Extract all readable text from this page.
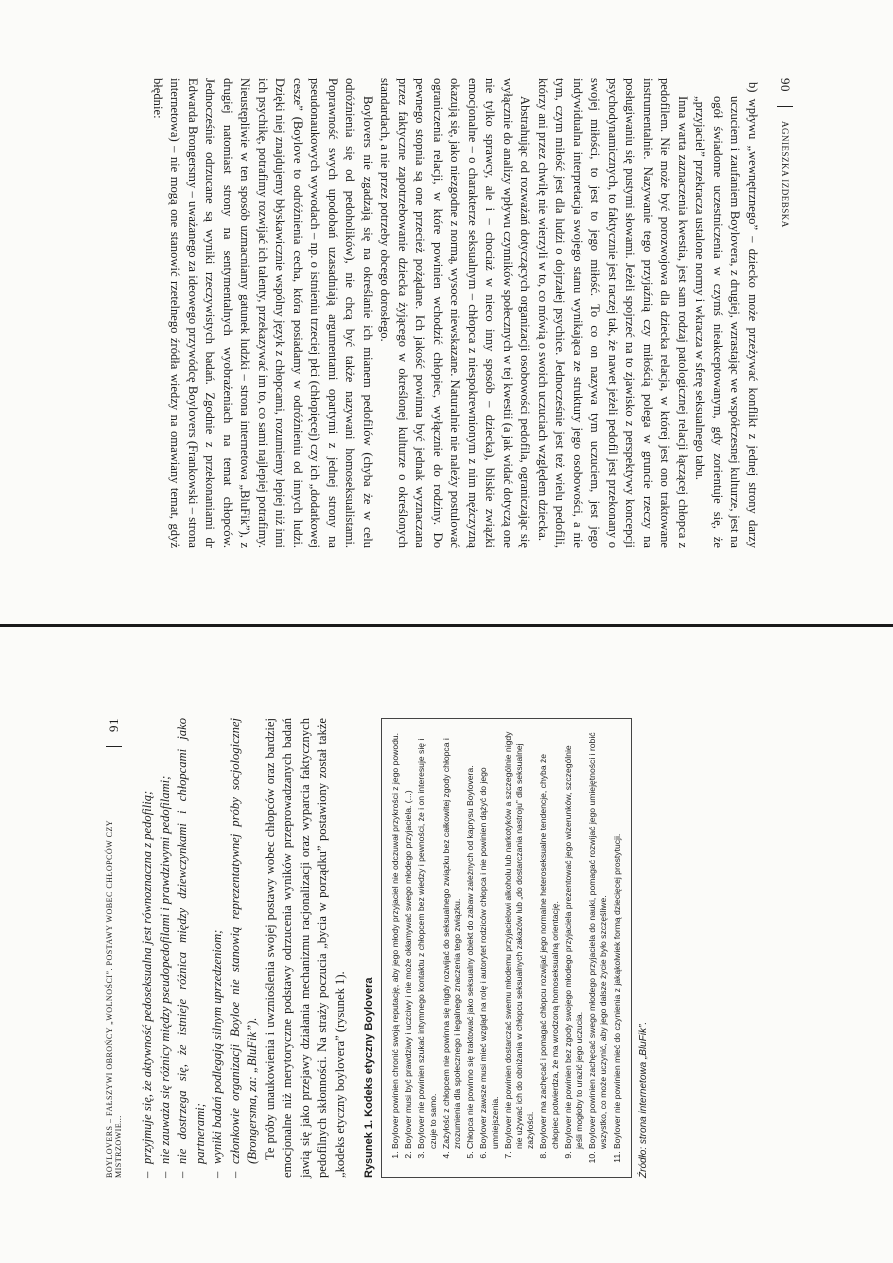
90
AGNIESZKA IZDEBSKA

b) wpływu „wewnętrznego” – dziecko może przeżywać konflikt z jednej strony darzy uczuciem i zaufaniem Boylovera, z drugiej, wzrastając we współczesnej kulturze, jest na ogół świadome uczestniczenia w czymś nieakceptowanym, gdy zorientuje się, że „przyjaciel” przekracza ustalone normy i wkracza w sferę seksualnego tabu.

Inna warta zaznaczenia kwestia, jest sam rodzaj patologicznej relacji łączącej chłopca z pedofilem. Nie może być porozwojowa dla dziecka relacja, w której jest ono traktowane instrumentalnie. Nazywanie tego przyjaźnią czy miłością polega w gruncie rzeczy na posługiwaniu się pustymi słowami. Jeżeli spojrzeć na to zjawisko z perspektywy koncepcji psychodynamicznych, to faktycznie jest raczej tak, że nawet jeżeli pedofil jest przekonany o swojej miłości, to jest to jego miłość. To co on nazywa tym uczuciem, jest jego indywidualna interpretacja swojego stanu wynikająca ze struktury jego osobowości, a nie tym, czym miłość jest dla ludzi o dojrzałej psychice. Jednocześnie jest też wielu pedofili, którzy ani przez chwilę nie wierzyli w to, co mówią o swoich uczuciach względem dziecka.

Abstrahując od rozważań dotyczących organizacji osobowości pedofila, ograniczając się wyłącznie do analizy wpływu czynników społecznych w tej kwestii (a jak widać dotyczą one nie tylko sprawcy, ale i – chociaż w nieco inny sposób – dziecka), bliskie związki emocjonalne – o charakterze seksualnym – chłopca z niespokrewnionym z nim mężczyzną okazują się, jako niezgodne z normą, wysoce niewskazane. Naturalnie nie należy postulować ograniczenia relacji, w które powinien wchodzić chłopiec, wyłącznie do rodziny. Do pewnego stopnia są one przecież pożądane. Ich jakość powinna być jednak wyznaczana przez faktyczne zapotrzebowanie dziecka żyjącego w określonej kulturze o określonych standardach, a nie przez potrzeby obcego dorosłego.

Boylovers nie zgadzają się na określanie ich mianem pedofilów (chyba że w celu odróżnienia się od pedoholików), nie chcą być także nazywani homoseksualistami. Poprawność swych upodobań uzasadniają argumentami opartymi z jednej strony na pseudonaukowych wywodach – np. o istnieniu trzeciej płci (chłopięcej) czy ich „dodatkowej cesze” (Boylove to odróżnienia cecha, która posiadamy w odróżnieniu od innych ludzi. Dzięki niej znajdujemy błyskawicznie wspólny język z chłopcami, rozumiemy lepiej niż inni ich psychikę, potrafimy rozwijać ich talenty, przekazywać im to, co sami najlepiej potrafimy. Nieustępliwie w ten sposób uzmacniamy gatunek ludzki – strona internetowa „BluFik”), z drugiej natomiast strony na sentymentalnych wyobrażeniach na temat chłopców. Jednocześnie odrzucane są wyniki rzeczywistych badań. Zgodnie z przekonaniami dr Edwarda Brongersmy – uważanego za ideowego przywódcę Boylovers (Frankowski – strona internetowa) – nie mogą one stanowić rzetelnego źródła wiedzy na omawiany temat, gdyż błędnie:

BOYLOVERS – FAŁSZYWI OBROŃCY „WOLNOŚCI”. POSTAWY WOBEC CHŁOPCÓW CZY MISTRZOWIE...
91
– przyjmuje się, że aktywność pedoseksualna jest równoznaczna z pedofilią; – nie zauważa się różnicy między pseudopedofilami i prawdziwymi pedofilami; – nie dostrzega się, że istnieje różnica między dziewczynkami i chłopcami jako partnerami; – wyniki badań podlegają silnym uprzedzeniom; – członkowie organizacji Boyloe nie stanowią reprezentatywnej próby socjologicznej (Brongersma, za: „BluFik”). Te próby unaukowienia i uwznioślenia swojej postawy wobec chłopców oraz bardziej emocjonalne niż merytoryczne podstawy odrzucenia wyników przeprowadzanych badań jawią się jako przejawy działania mechanizmu racjonalizacji oraz wyparcia faktycznych pedofilnych skłonności. Na straży poczucia „bycia w porządku” postawiony został także „kodeks etyczny boylovera” (rysunek 1). Rysunek 1. Kodeks etyczny Boylovera 1. Boylover powinien chronić swoją reputację, aby jego młody przyjaciel nie odczuwał przykrości z jego powodu. 2. Boylover musi być prawdziwy i uczciwy i nie może okłamywać swego młodego przyjaciela. (...) 3. Boylover nie powinien szukać intymnego kontaktu z chłopcem bez wiedzy i pewności, że i on interesuje się i czuje to samo. 4. Zażyłość z chłopcem nie powinna się nigdy rozwijać do seksualnego związku bez całkowitej zgody chłopca i zrozumienia dla społecznego i legalnego znaczenia tego związku. 5. Chłopca nie powinno się traktować jako seksualny obiekt do zabaw zależnych od kaprysu Boylovera. 6. Boylover zawsze musi mieć wzgląd na rolę i autorytet rodziców chłopca i nie powinien dążyć do jego umniejszenia. 7. Boylover nie powinien dostarczać swemu młodemu przyjacielowi alkoholu lub narkotyków a szczególnie nigdy nie używać ich do obniżania w chłopcu seksualnych zakazów lub „do dostarczania nastroju” dla seksualnej zażyłości. 8. Boylover ma zachęcać i pomagać chłopcu rozwijać jego normalne heteroseksualne tendencje, chyba że chłopiec potwierdza, że ma wrodzoną homoseksualną orientację. 9. Boylover nie powinien bez zgody swojego młodego przyjaciela prezentować jego wizerunków, szczególnie jeśli mogłoby to urazić jego uczucia. 10. Boylover powinien zachęcać swego młodego przyjaciela do nauki, pomagać rozwijać jego umiejętności i robić wszystko, co może uczynić, aby jego dalsze życie było szczęśliwe. 11. Boylover nie powinien mieć do czynienia z jakąkolwiek formą dziecięcej prostytucji. Źródło: strona internetowa „BluFik”.
